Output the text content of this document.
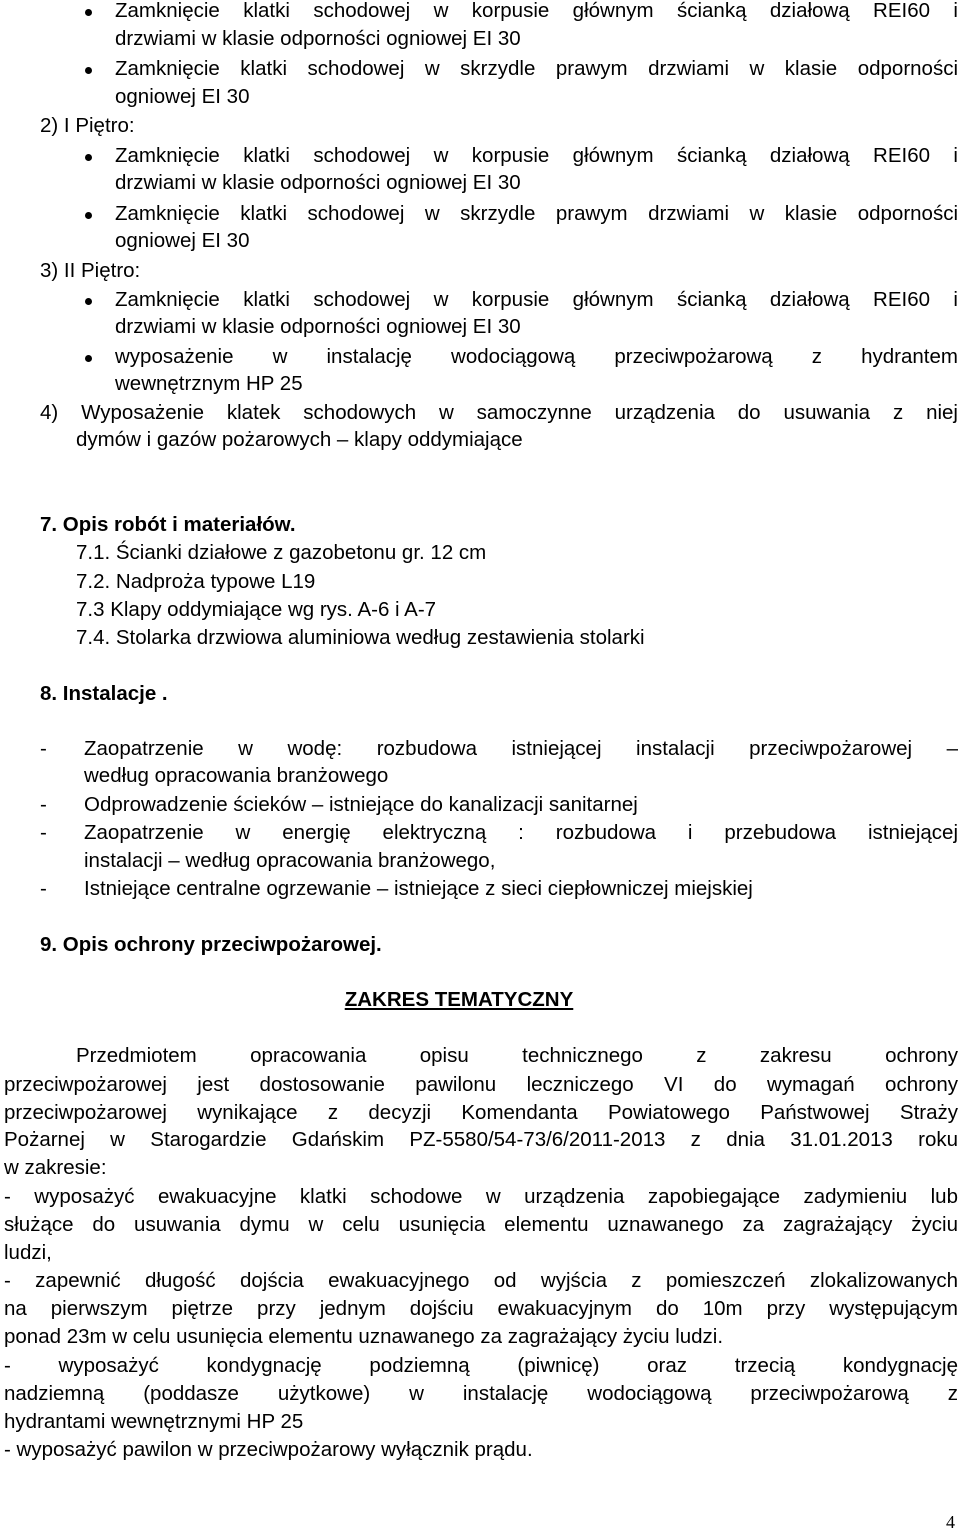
Zamknięcie klatki schodowej w korpusie głównym ścianką działową REI60 i
drzwiami w klasie odporności ogniowej EI 30
Zamknięcie klatki schodowej w skrzydle prawym drzwiami w klasie odporności
ogniowej EI 30
2) I Piętro:
Zamknięcie klatki schodowej w korpusie głównym ścianką działową REI60 i
drzwiami w klasie odporności ogniowej EI 30
Zamknięcie klatki schodowej w skrzydle prawym drzwiami w klasie odporności
ogniowej EI 30
3) II Piętro:
Zamknięcie klatki schodowej w korpusie głównym ścianką działową REI60 i
drzwiami w klasie odporności ogniowej EI 30
wyposażenie w instalację wodociągową przeciwpożarową z hydrantem
wewnętrznym HP 25
4) Wyposażenie klatek schodowych w samoczynne urządzenia do usuwania z niej
dymów i gazów pożarowych – klapy oddymiające
7. Opis robót i materiałów.
7.1. Ścianki działowe z gazobetonu gr. 12 cm
7.2. Nadproża typowe L19
7.3 Klapy oddymiające wg rys. A-6 i A-7
7.4. Stolarka drzwiowa aluminiowa według zestawienia stolarki
8. Instalacje .
- Zaopatrzenie w wodę: rozbudowa istniejącej instalacji przeciwpożarowej –
według opracowania branżowego
- Odprowadzenie ścieków – istniejące do kanalizacji sanitarnej
- Zaopatrzenie w energię elektryczną : rozbudowa i przebudowa istniejącej
instalacji – według opracowania branżowego,
- Istniejące centralne ogrzewanie – istniejące z sieci ciepłowniczej miejskiej
9. Opis ochrony przeciwpożarowej.
ZAKRES TEMATYCZNY
Przedmiotem opracowania opisu technicznego z zakresu ochrony
przeciwpożarowej jest dostosowanie pawilonu leczniczego VI do wymagań ochrony
przeciwpożarowej wynikające z decyzji Komendanta Powiatowego Państwowej Straży
Pożarnej w Starogardzie Gdańskim PZ-5580/54-73/6/2011-2013 z dnia 31.01.2013 roku
w zakresie:
- wyposażyć ewakuacyjne klatki schodowe w urządzenia zapobiegające zadymieniu lub
służące do usuwania dymu w celu usunięcia elementu uznawanego za zagrażający życiu
ludzi,
- zapewnić długość dojścia ewakuacyjnego od wyjścia z pomieszczeń zlokalizowanych
na pierwszym piętrze przy jednym dojściu ewakuacyjnym do 10m przy występującym
ponad 23m w celu usunięcia elementu uznawanego za zagrażający życiu ludzi.
- wyposażyć kondygnację podziemną (piwnicę) oraz trzecią kondygnację
nadziemną (poddasze użytkowe) w instalację wodociągową przeciwpożarową z
hydrantami wewnętrznymi HP 25
- wyposażyć pawilon w przeciwpożarowy wyłącznik prądu.
4
